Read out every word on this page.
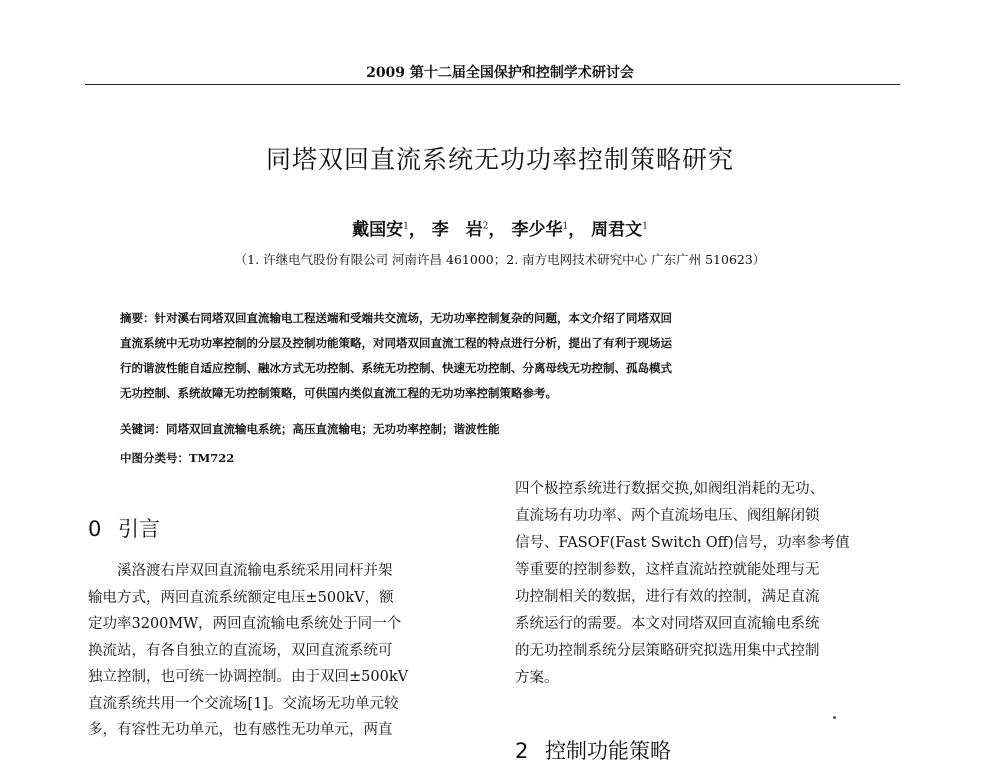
2009 第十二届全国保护和控制学术研讨会
同塔双回直流系统无功功率控制策略研究
戴国安$^1$， 李　岩$^2$， 李少华$^1$， 周君文$^1$
（1. 许继电气股份有限公司 河南许昌 461000；2. 南方电网技术研究中心 广东广州 510623）
摘要：针对溪右同塔双回直流输电工程送端和受端共交流场，无功功率控制复杂的问题，本文介绍了同塔双回
直流系统中无功功率控制的分层及控制功能策略，对同塔双回直流工程的特点进行分析，提出了有利于现场运
行的谐波性能自适应控制、融冰方式无功控制、系统无功控制、快速无功控制、分离母线无功控制、孤岛模式
无功控制、系统故障无功控制策略，可供国内类似直流工程的无功功率控制策略参考。
关键词：同塔双回直流输电系统；高压直流输电；无功功率控制；谐波性能
中图分类号：TM722
0 引言
溪洛渡右岸双回直流输电系统采用同杆并架
输电方式，两回直流系统额定电压±500kV，额
定功率3200MW，两回直流输电系统处于同一个
换流站，有各自独立的直流场，双回直流系统可
独立控制，也可统一协调控制。由于双回±500kV
直流系统共用一个交流场[1]。交流场无功单元较
多，有容性无功单元，也有感性无功单元，两直
四个极控系统进行数据交换,如阀组消耗的无功、
直流场有功功率、两个直流场电压、阀组解闭锁
信号、FASOF(Fast Switch Off)信号，功率参考值
等重要的控制参数，这样直流站控就能处理与无
功控制相关的数据，进行有效的控制，满足直流
系统运行的需要。本文对同塔双回直流输电系统
的无功控制系统分层策略研究拟选用集中式控制
方案。
2 控制功能策略
